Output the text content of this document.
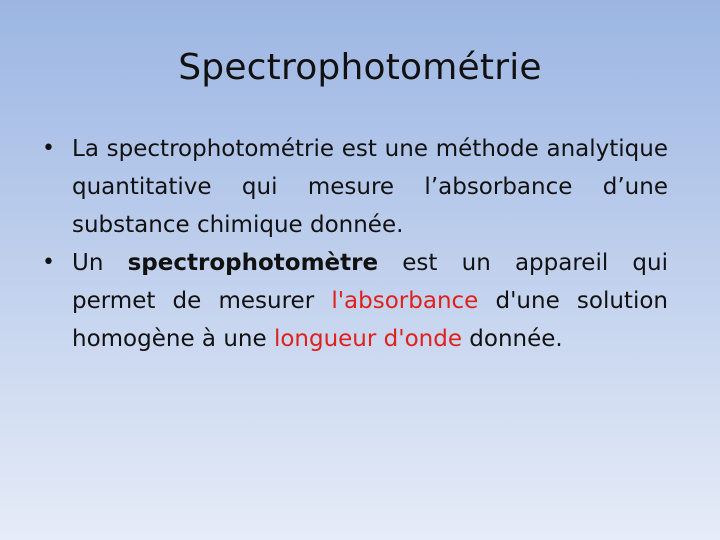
Spectrophotométrie
• La spectrophotométrie est une méthode analytique quantitative qui mesure l’absorbance d’une substance chimique donnée.
• Un spectrophotomètre est un appareil qui permet de mesurer l'absorbance d'une solution homogène à une longueur d'onde donnée.
